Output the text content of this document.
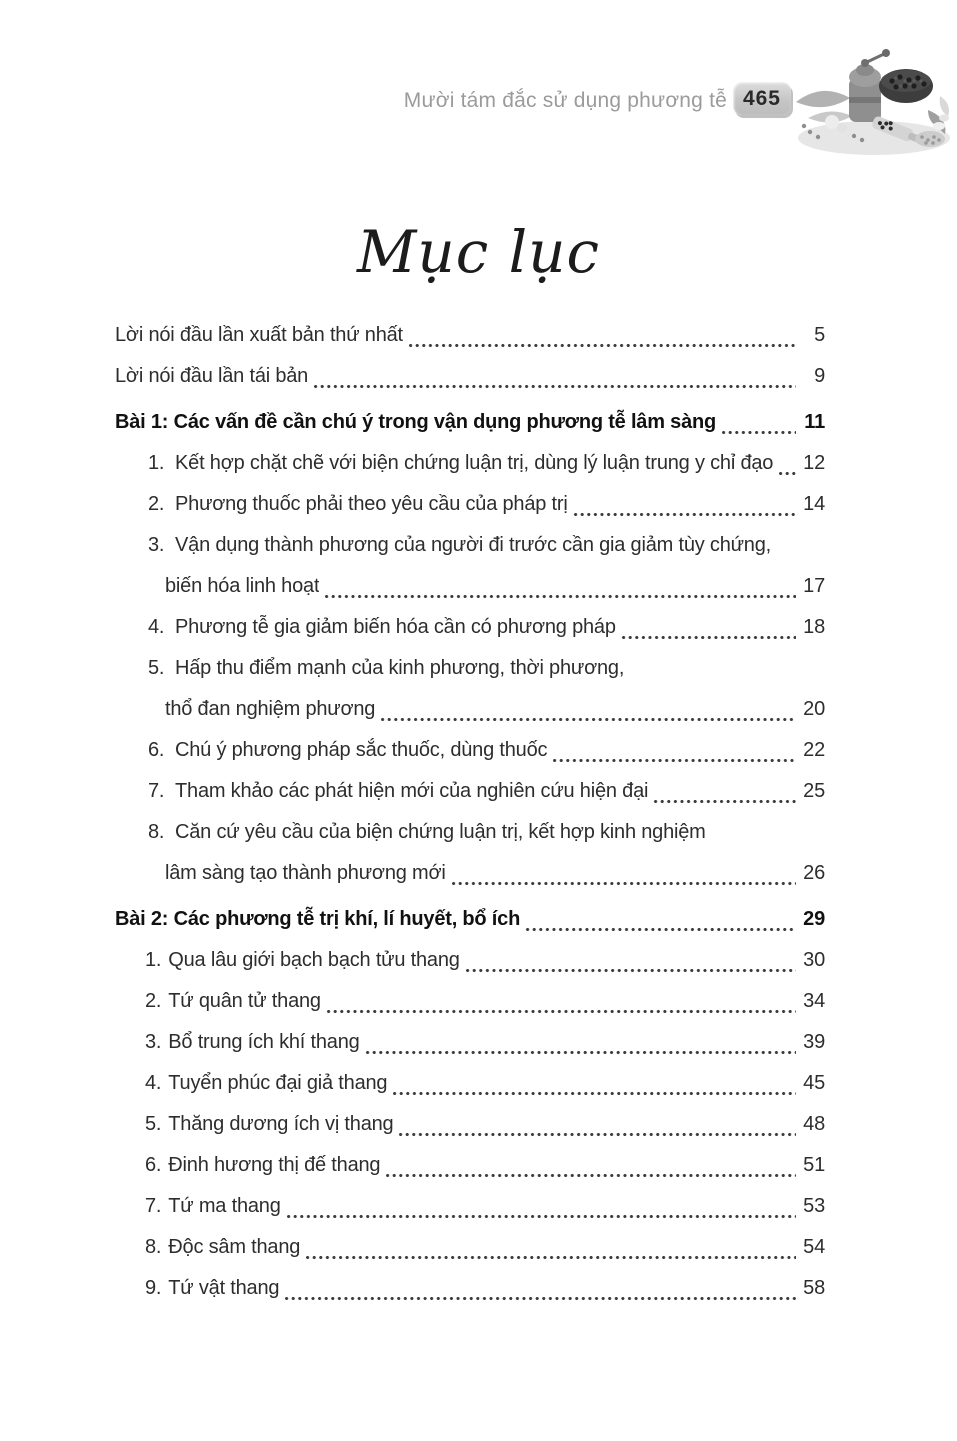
Mười tám đắc sử dụng phương tễ 465
Mục lục
Lời nói đầu lần xuất bản thứ nhất	5
Lời nói đầu lần tái bản	9
Bài 1: Các vấn đề cần chú ý trong vận dụng phương tễ lâm sàng	11
1. Kết hợp chặt chẽ với biện chứng luận trị, dùng lý luận trung y chỉ đạo 12
2. Phương thuốc phải theo yêu cầu của pháp trị	14
3. Vận dụng thành phương của người đi trước cần gia giảm tùy chứng,
biến hóa linh hoạt	17
4. Phương tễ gia giảm biến hóa cần có phương pháp	18
5. Hấp thu điểm mạnh của kinh phương, thời phương,
thổ đan nghiệm phương	20
6. Chú ý phương pháp sắc thuốc, dùng thuốc	22
7. Tham khảo các phát hiện mới của nghiên cứu hiện đại	25
8. Căn cứ yêu cầu của biện chứng luận trị, kết hợp kinh nghiệm
lâm sàng tạo thành phương mới	26
Bài 2: Các phương tễ trị khí, lí huyết, bổ ích	29
1. Qua lâu giới bạch bạch tửu thang	30
2. Tứ quân tử thang	34
3. Bổ trung ích khí thang	39
4. Tuyển phúc đại giả thang	45
5. Thăng dương ích vị thang	48
6. Đinh hương thị đế thang	51
7. Tứ ma thang	53
8. Độc sâm thang	54
9. Tứ vật thang	58
